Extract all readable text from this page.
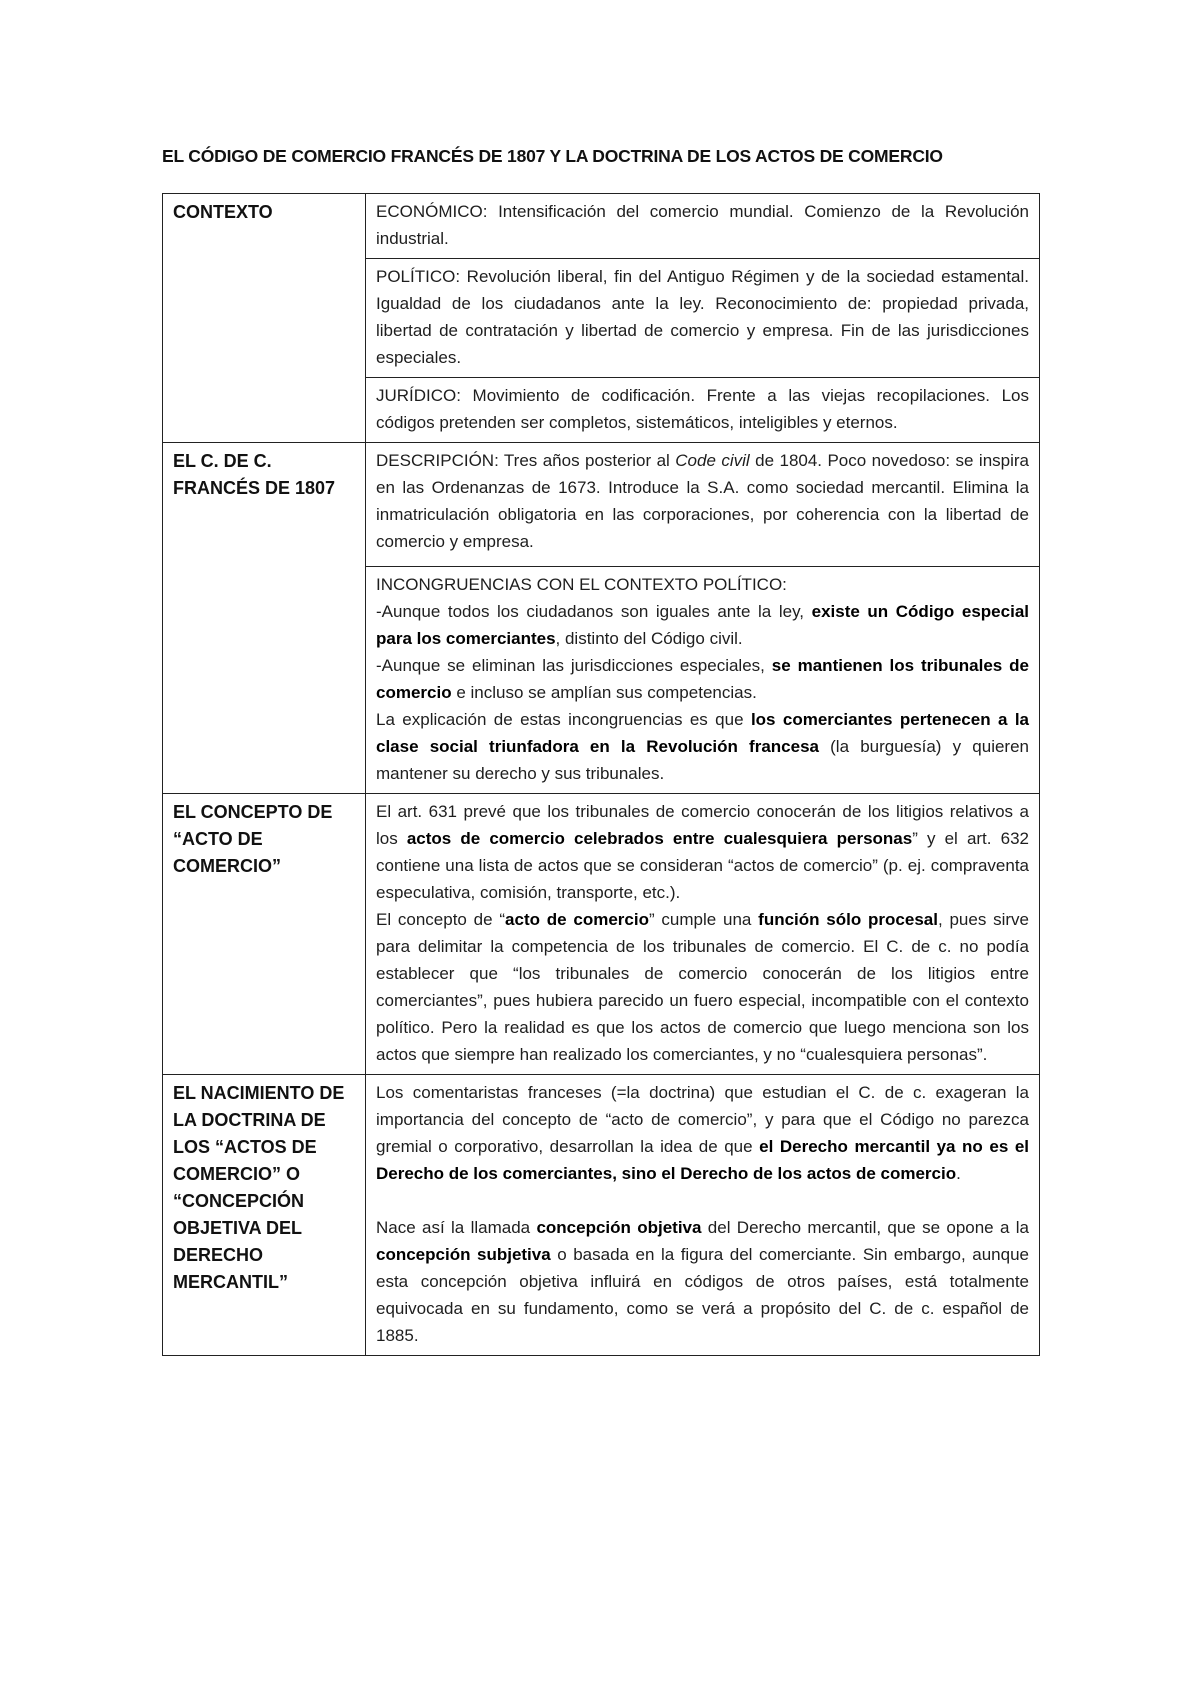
EL CÓDIGO DE COMERCIO FRANCÉS DE 1807 Y LA DOCTRINA DE LOS ACTOS DE COMERCIO
CONTEXTO	ECONÓMICO: Intensificación del comercio mundial. Comienzo de la Revolución industrial.
POLÍTICO: Revolución liberal, fin del Antiguo Régimen y de la sociedad estamental. Igualdad de los ciudadanos ante la ley. Reconocimiento de: propiedad privada, libertad de contratación y libertad de comercio y empresa. Fin de las jurisdicciones especiales.
JURÍDICO: Movimiento de codificación. Frente a las viejas recopilaciones. Los códigos pretenden ser completos, sistemáticos, inteligibles y eternos.

EL C. DE C. FRANCÉS DE 1807	DESCRIPCIÓN: Tres años posterior al Code civil de 1804. Poco novedoso: se inspira en las Ordenanzas de 1673. Introduce la S.A. como sociedad mercantil. Elimina la inmatriculación obligatoria en las corporaciones, por coherencia con la libertad de comercio y empresa.
INCONGRUENCIAS CON EL CONTEXTO POLÍTICO:
-Aunque todos los ciudadanos son iguales ante la ley, existe un Código especial para los comerciantes, distinto del Código civil.
-Aunque se eliminan las jurisdicciones especiales, se mantienen los tribunales de comercio e incluso se amplían sus competencias.
La explicación de estas incongruencias es que los comerciantes pertenecen a la clase social triunfadora en la Revolución francesa (la burguesía) y quieren mantener su derecho y sus tribunales.

EL CONCEPTO DE “ACTO DE COMERCIO”	El art. 631 prevé que los tribunales de comercio conocerán de los litigios relativos a los actos de comercio celebrados entre cualesquiera personas” y el art. 632 contiene una lista de actos que se consideran “actos de comercio” (p. ej. compraventa especulativa, comisión, transporte, etc.).
El concepto de “acto de comercio” cumple una función sólo procesal, pues sirve para delimitar la competencia de los tribunales de comercio. El C. de c. no podía establecer que “los tribunales de comercio conocerán de los litigios entre comerciantes”, pues hubiera parecido un fuero especial, incompatible con el contexto político. Pero la realidad es que los actos de comercio que luego menciona son los actos que siempre han realizado los comerciantes, y no “cualesquiera personas”.

EL NACIMIENTO DE LA DOCTRINA DE LOS “ACTOS DE COMERCIO” O “CONCEPCIÓN OBJETIVA DEL DERECHO MERCANTIL”	Los comentaristas franceses (=la doctrina) que estudian el C. de c. exageran la importancia del concepto de “acto de comercio”, y para que el Código no parezca gremial o corporativo, desarrollan la idea de que el Derecho mercantil ya no es el Derecho de los comerciantes, sino el Derecho de los actos de comercio.
Nace así la llamada concepción objetiva del Derecho mercantil, que se opone a la concepción subjetiva o basada en la figura del comerciante. Sin embargo, aunque esta concepción objetiva influirá en códigos de otros países, está totalmente equivocada en su fundamento, como se verá a propósito del C. de c. español de 1885.
